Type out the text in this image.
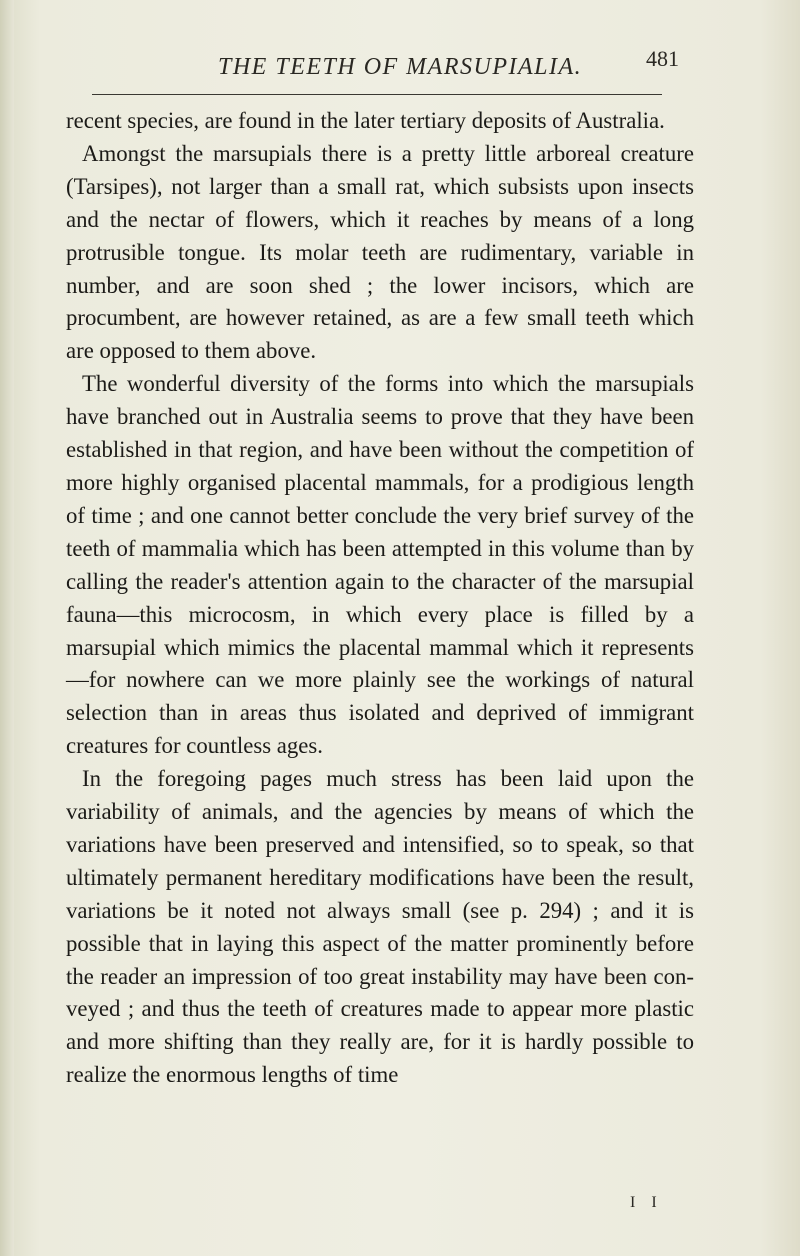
THE TEETH OF MARSUPIALIA.	481

recent species, are found in the later tertiary deposits of Australia.

Amongst the marsupials there is a pretty little arboreal creature (Tarsipes), not larger than a small rat, which subsists upon insects and the nectar of flowers, which it reaches by means of a long protrusible tongue. Its molar teeth are rudimentary, variable in number, and are soon shed ; the lower incisors, which are procumbent, are however retained, as are a few small teeth which are opposed to them above.

The wonderful diversity of the forms into which the marsupials have branched out in Australia seems to prove that they have been established in that region, and have been without the competition of more highly organised placental mammals, for a prodigious length of time ; and one cannot better conclude the very brief survey of the teeth of mammalia which has been attempted in this volume than by calling the reader's attention again to the character of the marsupial fauna—this microcosm, in which every place is filled by a marsupial which mimics the placental mammal which it represents—for nowhere can we more plainly see the workings of natural selection than in areas thus isolated and deprived of immigrant creatures for countless ages.

In the foregoing pages much stress has been laid upon the variability of animals, and the agencies by means of which the variations have been preserved and intensified, so to speak, so that ultimately permanent hereditary modifications have been the result, variations be it noted not always small (see p. 294) ; and it is possible that in laying this aspect of the matter prominently before the reader an impression of too great instability may have been conveyed ; and thus the teeth of creatures made to appear more plastic and more shifting than they really are, for it is hardly possible to realize the enormous lengths of time

I I
